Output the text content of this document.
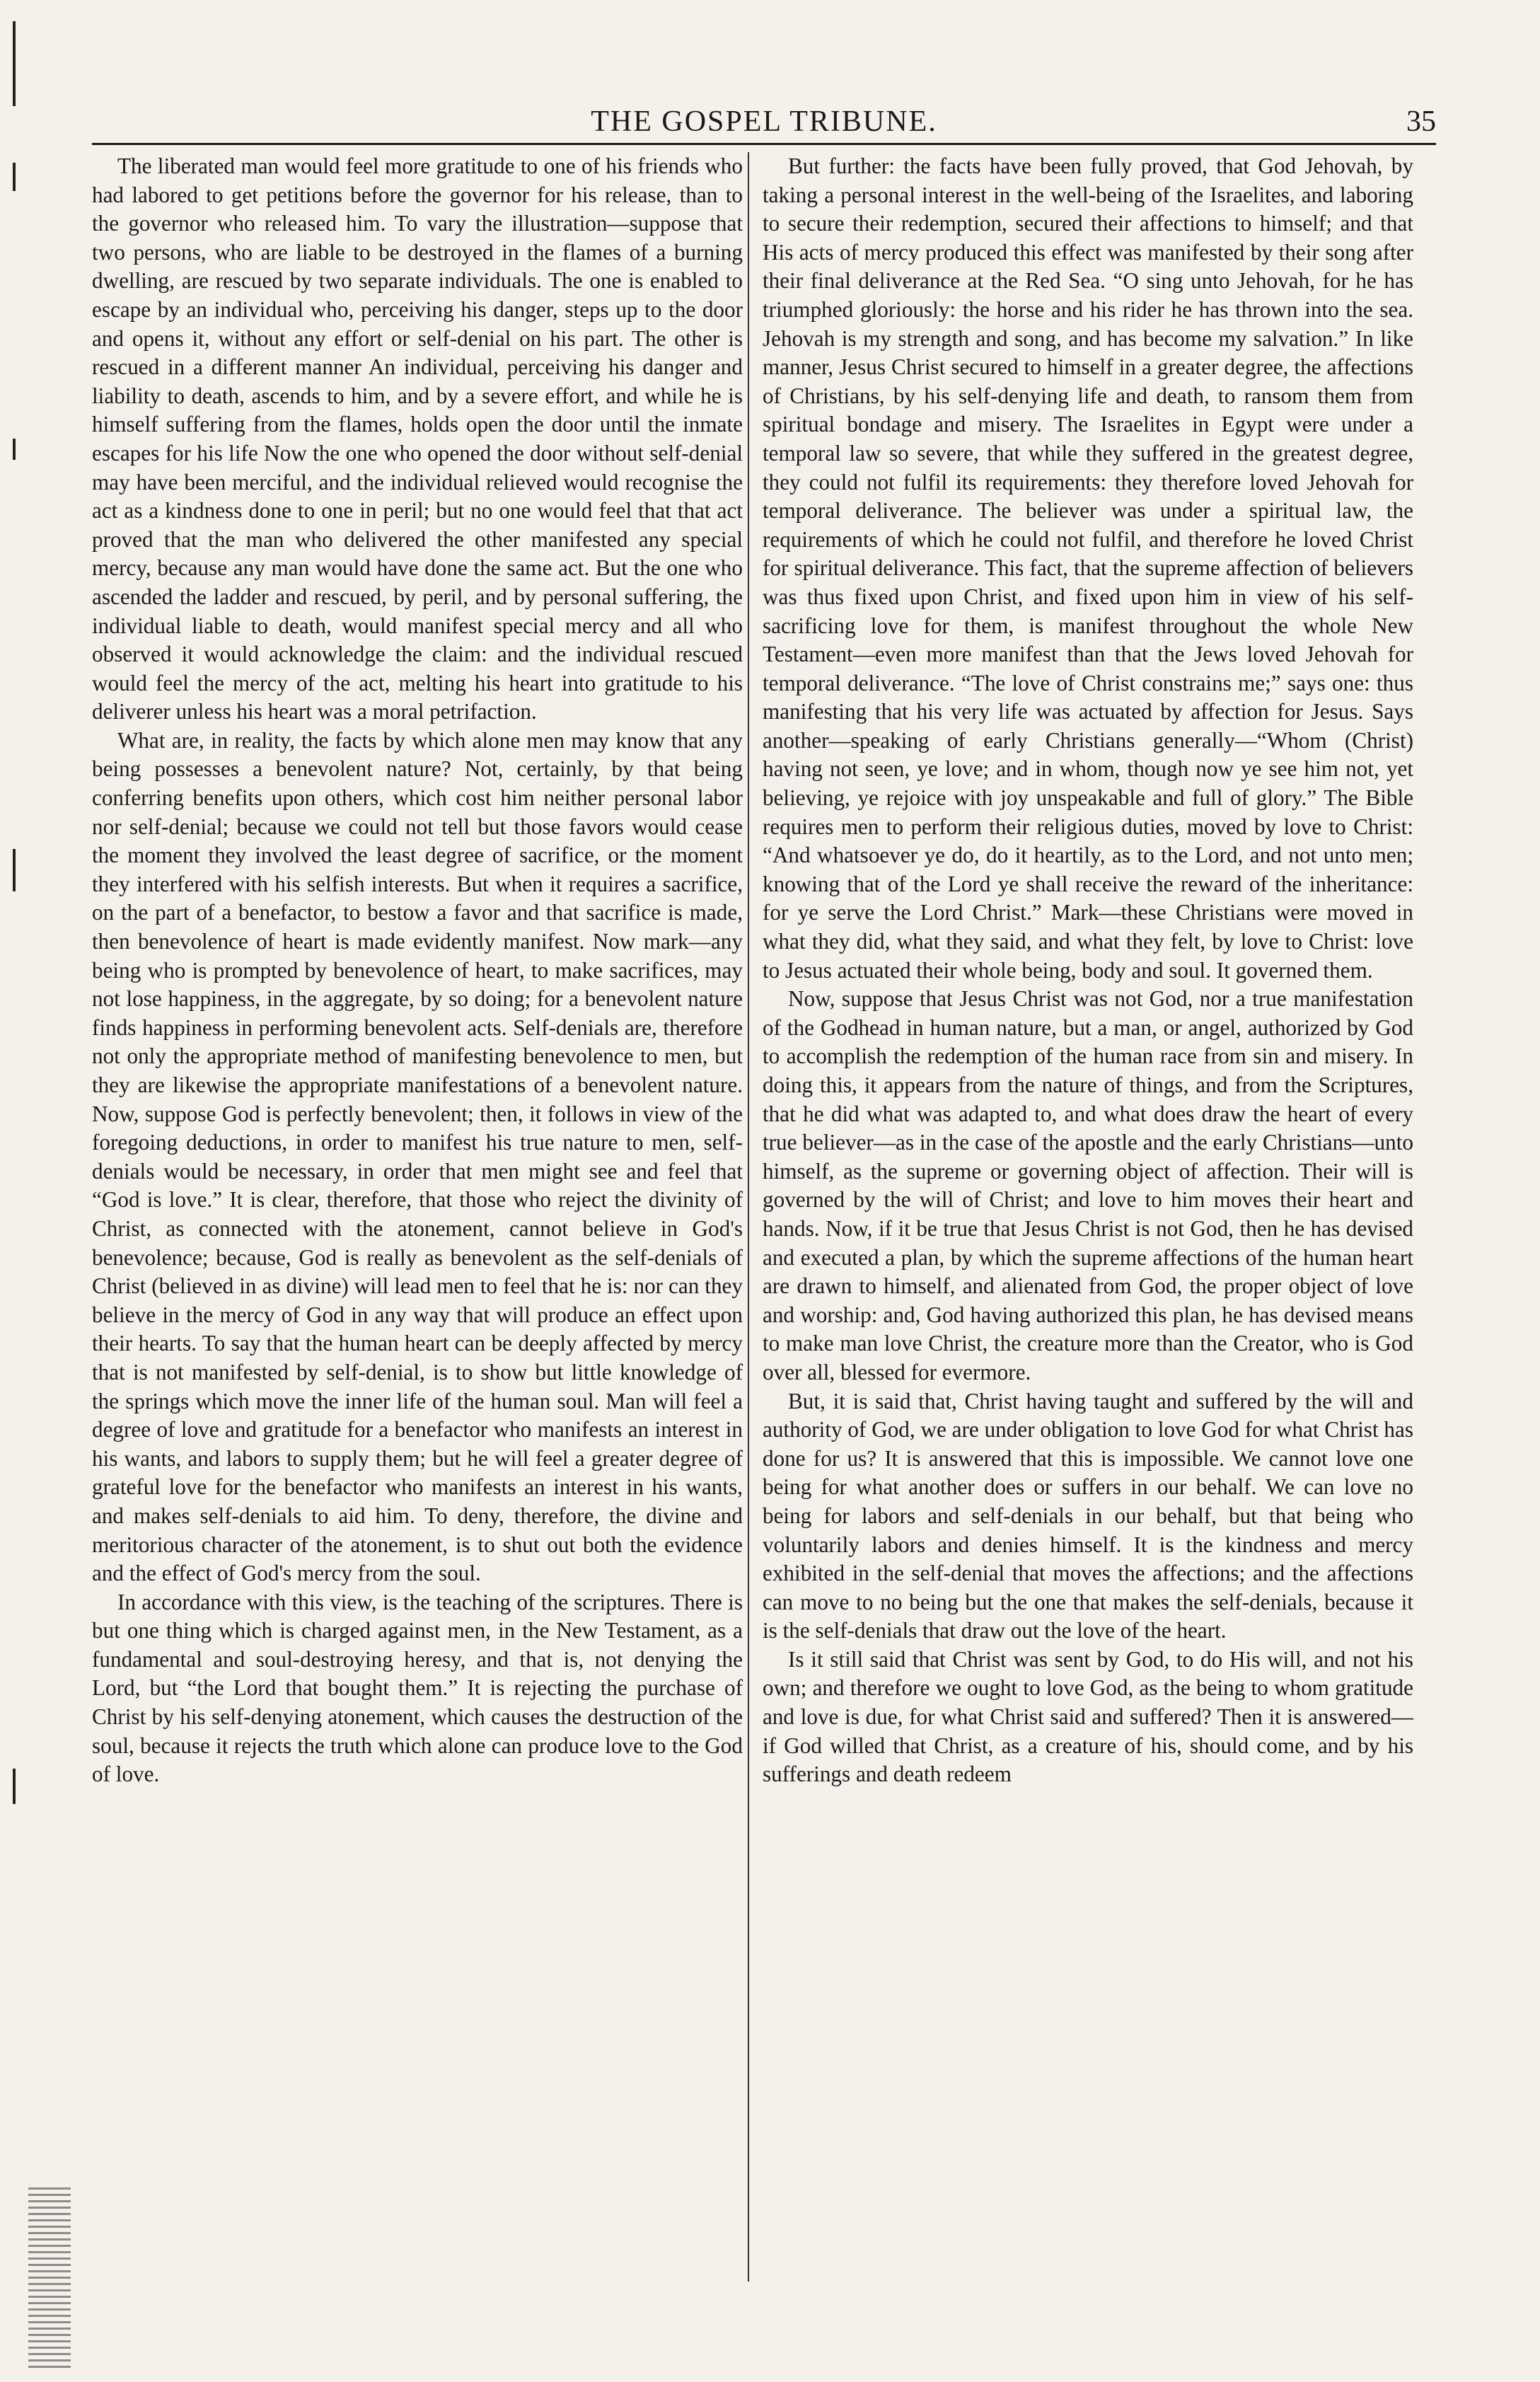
THE GOSPEL TRIBUNE.	35

The liberated man would feel more gratitude to one of his friends who had labored to get petitions before the governor for his release, than to the governor who released him. To vary the illustration—suppose that two persons, who are liable to be destroyed in the flames of a burning dwelling, are rescued by two separate individuals. The one is enabled to escape by an individual who, perceiving his danger, steps up to the door and opens it, without any effort or self-denial on his part. The other is rescued in a different manner An individual, perceiving his danger and liability to death, ascends to him, and by a severe effort, and while he is himself suffering from the flames, holds open the door until the inmate escapes for his life Now the one who opened the door without self-denial may have been merciful, and the individual relieved would recognise the act as a kindness done to one in peril; but no one would feel that that act proved that the man who delivered the other manifested any special mercy, because any man would have done the same act. But the one who ascended the ladder and rescued, by peril, and by personal suffering, the individual liable to death, would manifest special mercy and all who observed it would acknowledge the claim: and the individual rescued would feel the mercy of the act, melting his heart into gratitude to his deliverer unless his heart was a moral petrifaction.

What are, in reality, the facts by which alone men may know that any being possesses a benevolent nature? Not, certainly, by that being conferring benefits upon others, which cost him neither personal labor nor self-denial; because we could not tell but those favors would cease the moment they involved the least degree of sacrifice, or the moment they interfered with his selfish interests. But when it requires a sacrifice, on the part of a benefactor, to bestow a favor and that sacrifice is made, then benevolence of heart is made evidently manifest. Now mark—any being who is prompted by benevolence of heart, to make sacrifices, may not lose happiness, in the aggregate, by so doing; for a benevolent nature finds happiness in performing benevolent acts. Self-denials are, therefore not only the appropriate method of manifesting benevolence to men, but they are likewise the appropriate manifestations of a benevolent nature. Now, suppose God is perfectly benevolent; then, it follows in view of the foregoing deductions, in order to manifest his true nature to men, self-denials would be necessary, in order that men might see and feel that “God is love.” It is clear, therefore, that those who reject the divinity of Christ, as connected with the atonement, cannot believe in God's benevolence; because, God is really as benevolent as the self-denials of Christ (believed in as divine) will lead men to feel that he is: nor can they believe in the mercy of God in any way that will produce an effect upon their hearts. To say that the human heart can be deeply affected by mercy that is not manifested by self-denial, is to show but little knowledge of the springs which move the inner life of the human soul. Man will feel a degree of love and gratitude for a benefactor who manifests an interest in his wants, and labors to supply them; but he will feel a greater degree of grateful love for the benefactor who manifests an interest in his wants, and makes self-denials to aid him. To deny, therefore, the divine and meritorious character of the atonement, is to shut out both the evidence and the effect of God's mercy from the soul.

In accordance with this view, is the teaching of the scriptures. There is but one thing which is charged against men, in the New Testament, as a fundamental and soul-destroying heresy, and that is, not denying the Lord, but “the Lord that bought them.” It is rejecting the purchase of Christ by his self-denying atonement, which causes the destruction of the soul, because it rejects the truth which alone can produce love to the God of love.

But further: the facts have been fully proved, that God Jehovah, by taking a personal interest in the well-being of the Israelites, and laboring to secure their redemption, secured their affections to himself; and that His acts of mercy produced this effect was manifested by their song after their final deliverance at the Red Sea. “O sing unto Jehovah, for he has triumphed gloriously: the horse and his rider he has thrown into the sea. Jehovah is my strength and song, and has become my salvation.” In like manner, Jesus Christ secured to himself in a greater degree, the affections of Christians, by his self-denying life and death, to ransom them from spiritual bondage and misery. The Israelites in Egypt were under a temporal law so severe, that while they suffered in the greatest degree, they could not fulfil its requirements: they therefore loved Jehovah for temporal deliverance. The believer was under a spiritual law, the requirements of which he could not fulfil, and therefore he loved Christ for spiritual deliverance. This fact, that the supreme affection of believers was thus fixed upon Christ, and fixed upon him in view of his self-sacrificing love for them, is manifest throughout the whole New Testament—even more manifest than that the Jews loved Jehovah for temporal deliverance. “The love of Christ constrains me;” says one: thus manifesting that his very life was actuated by affection for Jesus. Says another—speaking of early Christians generally—“Whom (Christ) having not seen, ye love; and in whom, though now ye see him not, yet believing, ye rejoice with joy unspeakable and full of glory.” The Bible requires men to perform their religious duties, moved by love to Christ: “And whatsoever ye do, do it heartily, as to the Lord, and not unto men; knowing that of the Lord ye shall receive the reward of the inheritance: for ye serve the Lord Christ.” Mark—these Christians were moved in what they did, what they said, and what they felt, by love to Christ: love to Jesus actuated their whole being, body and soul. It governed them.

Now, suppose that Jesus Christ was not God, nor a true manifestation of the Godhead in human nature, but a man, or angel, authorized by God to accomplish the redemption of the human race from sin and misery. In doing this, it appears from the nature of things, and from the Scriptures, that he did what was adapted to, and what does draw the heart of every true believer—as in the case of the apostle and the early Christians—unto himself, as the supreme or governing object of affection. Their will is governed by the will of Christ; and love to him moves their heart and hands. Now, if it be true that Jesus Christ is not God, then he has devised and executed a plan, by which the supreme affections of the human heart are drawn to himself, and alienated from God, the proper object of love and worship: and, God having authorized this plan, he has devised means to make man love Christ, the creature more than the Creator, who is God over all, blessed for evermore.

But, it is said that, Christ having taught and suffered by the will and authority of God, we are under obligation to love God for what Christ has done for us? It is answered that this is impossible. We cannot love one being for what another does or suffers in our behalf. We can love no being for labors and self-denials in our behalf, but that being who voluntarily labors and denies himself. It is the kindness and mercy exhibited in the self-denial that moves the affections; and the affections can move to no being but the one that makes the self-denials, because it is the self-denials that draw out the love of the heart.

Is it still said that Christ was sent by God, to do His will, and not his own; and therefore we ought to love God, as the being to whom gratitude and love is due, for what Christ said and suffered? Then it is answered—if God willed that Christ, as a creature of his, should come, and by his sufferings and death redeem
